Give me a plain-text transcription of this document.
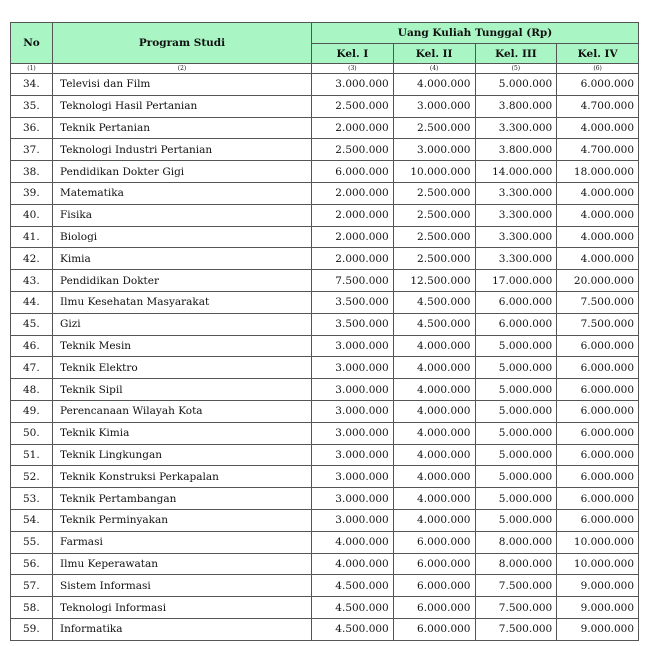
No	Program Studi	Uang Kuliah Tunggal (Rp)			
		Kel. I	Kel. II	Kel. III	Kel. IV
(1)	(2)	(3)	(4)	(5)	(6)
34.	Televisi dan Film	3.000.000	4.000.000	5.000.000	6.000.000
35.	Teknologi Hasil Pertanian	2.500.000	3.000.000	3.800.000	4.700.000
36.	Teknik Pertanian	2.000.000	2.500.000	3.300.000	4.000.000
37.	Teknologi Industri Pertanian	2.500.000	3.000.000	3.800.000	4.700.000
38.	Pendidikan Dokter Gigi	6.000.000	10.000.000	14.000.000	18.000.000
39.	Matematika	2.000.000	2.500.000	3.300.000	4.000.000
40.	Fisika	2.000.000	2.500.000	3.300.000	4.000.000
41.	Biologi	2.000.000	2.500.000	3.300.000	4.000.000
42.	Kimia	2.000.000	2.500.000	3.300.000	4.000.000
43.	Pendidikan Dokter	7.500.000	12.500.000	17.000.000	20.000.000
44.	Ilmu Kesehatan Masyarakat	3.500.000	4.500.000	6.000.000	7.500.000
45.	Gizi	3.500.000	4.500.000	6.000.000	7.500.000
46.	Teknik Mesin	3.000.000	4.000.000	5.000.000	6.000.000
47.	Teknik Elektro	3.000.000	4.000.000	5.000.000	6.000.000
48.	Teknik Sipil	3.000.000	4.000.000	5.000.000	6.000.000
49.	Perencanaan Wilayah Kota	3.000.000	4.000.000	5.000.000	6.000.000
50.	Teknik Kimia	3.000.000	4.000.000	5.000.000	6.000.000
51.	Teknik Lingkungan	3.000.000	4.000.000	5.000.000	6.000.000
52.	Teknik Konstruksi Perkapalan	3.000.000	4.000.000	5.000.000	6.000.000
53.	Teknik Pertambangan	3.000.000	4.000.000	5.000.000	6.000.000
54.	Teknik Perminyakan	3.000.000	4.000.000	5.000.000	6.000.000
55.	Farmasi	4.000.000	6.000.000	8.000.000	10.000.000
56.	Ilmu Keperawatan	4.000.000	6.000.000	8.000.000	10.000.000
57.	Sistem Informasi	4.500.000	6.000.000	7.500.000	9.000.000
58.	Teknologi Informasi	4.500.000	6.000.000	7.500.000	9.000.000
59.	Informatika	4.500.000	6.000.000	7.500.000	9.000.000
